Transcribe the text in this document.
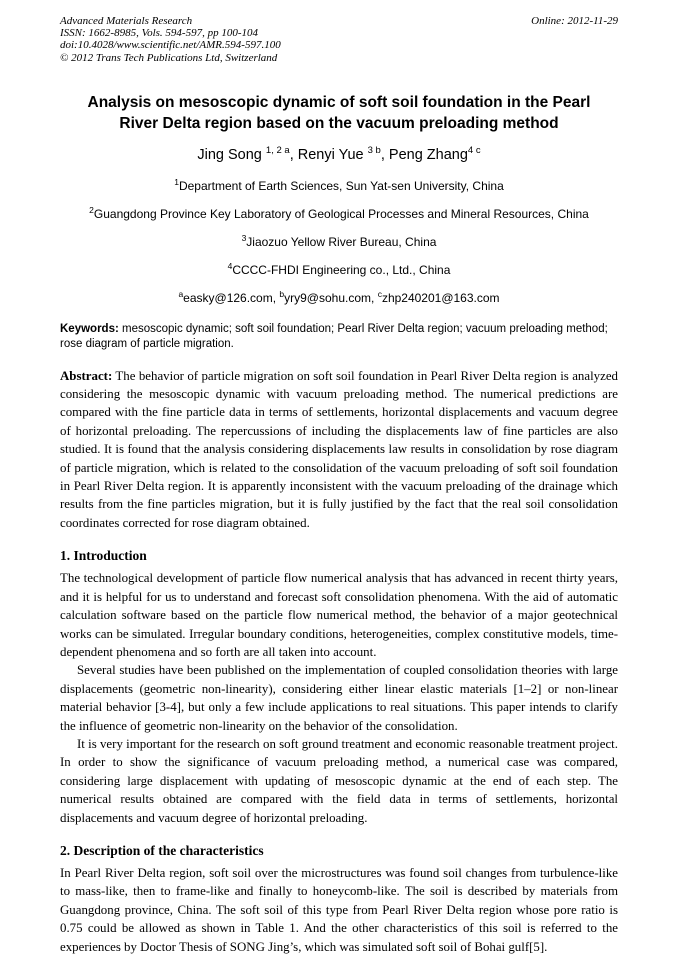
Advanced Materials Research
ISSN: 1662-8985, Vols. 594-597, pp 100-104
doi:10.4028/www.scientific.net/AMR.594-597.100
© 2012 Trans Tech Publications Ltd, Switzerland
Online: 2012-11-29
Analysis on mesoscopic dynamic of soft soil foundation in the Pearl
River Delta region based on the vacuum preloading method
Jing Song $^{1, 2 a}$, Renyi Yue $^{3 b}$, Peng Zhang$^{4 c}$
$^1$Department of Earth Sciences, Sun Yat-sen University, China
$^2$Guangdong Province Key Laboratory of Geological Processes and Mineral Resources, China
$^3$Jiaozuo Yellow River Bureau, China
$^4$CCCC-FHDI Engineering co., Ltd., China
$^a$easky@126.com, $^b$yry9@sohu.com, $^c$zhp240201@163.com
Keywords: mesoscopic dynamic; soft soil foundation; Pearl River Delta region; vacuum preloading method; rose diagram of particle migration.
Abstract: The behavior of particle migration on soft soil foundation in Pearl River Delta region is analyzed considering the mesoscopic dynamic with vacuum preloading method. The numerical predictions are compared with the fine particle data in terms of settlements, horizontal displacements and vacuum degree of horizontal preloading. The repercussions of including the displacements law of fine particles are also studied. It is found that the analysis considering displacements law results in consolidation by rose diagram of particle migration, which is related to the consolidation of the vacuum preloading of soft soil foundation in Pearl River Delta region. It is apparently inconsistent with the vacuum preloading of the drainage which results from the fine particles migration, but it is fully justified by the fact that the real soil consolidation coordinates corrected for rose diagram obtained.
1. Introduction

The technological development of particle flow numerical analysis that has advanced in recent thirty years, and it is helpful for us to understand and forecast soft consolidation phenomena. With the aid of automatic calculation software based on the particle flow numerical method, the behavior of a major geotechnical works can be simulated. Irregular boundary conditions, heterogeneities, complex constitutive models, time-dependent phenomena and so forth are all taken into account.

Several studies have been published on the implementation of coupled consolidation theories with large displacements (geometric non-linearity), considering either linear elastic materials [1–2] or non-linear material behavior [3-4], but only a few include applications to real situations. This paper intends to clarify the influence of geometric non-linearity on the behavior of the consolidation.

It is very important for the research on soft ground treatment and economic reasonable treatment project. In order to show the significance of vacuum preloading method, a numerical case was compared, considering large displacement with updating of mesoscopic dynamic at the end of each step. The numerical results obtained are compared with the field data in terms of settlements, horizontal displacements and vacuum degree of horizontal preloading.

2. Description of the characteristics

In Pearl River Delta region, soft soil over the microstructures was found soil changes from turbulence-like to mass-like, then to frame-like and finally to honeycomb-like. The soil is described by materials from Guangdong province, China. The soft soil of this type from Pearl River Delta region whose pore ratio is 0.75 could be allowed as shown in Table 1. And the other characteristics of this soil is referred to the experiences by Doctor Thesis of SONG Jing’s, which was simulated soft soil of Bohai gulf[5].
